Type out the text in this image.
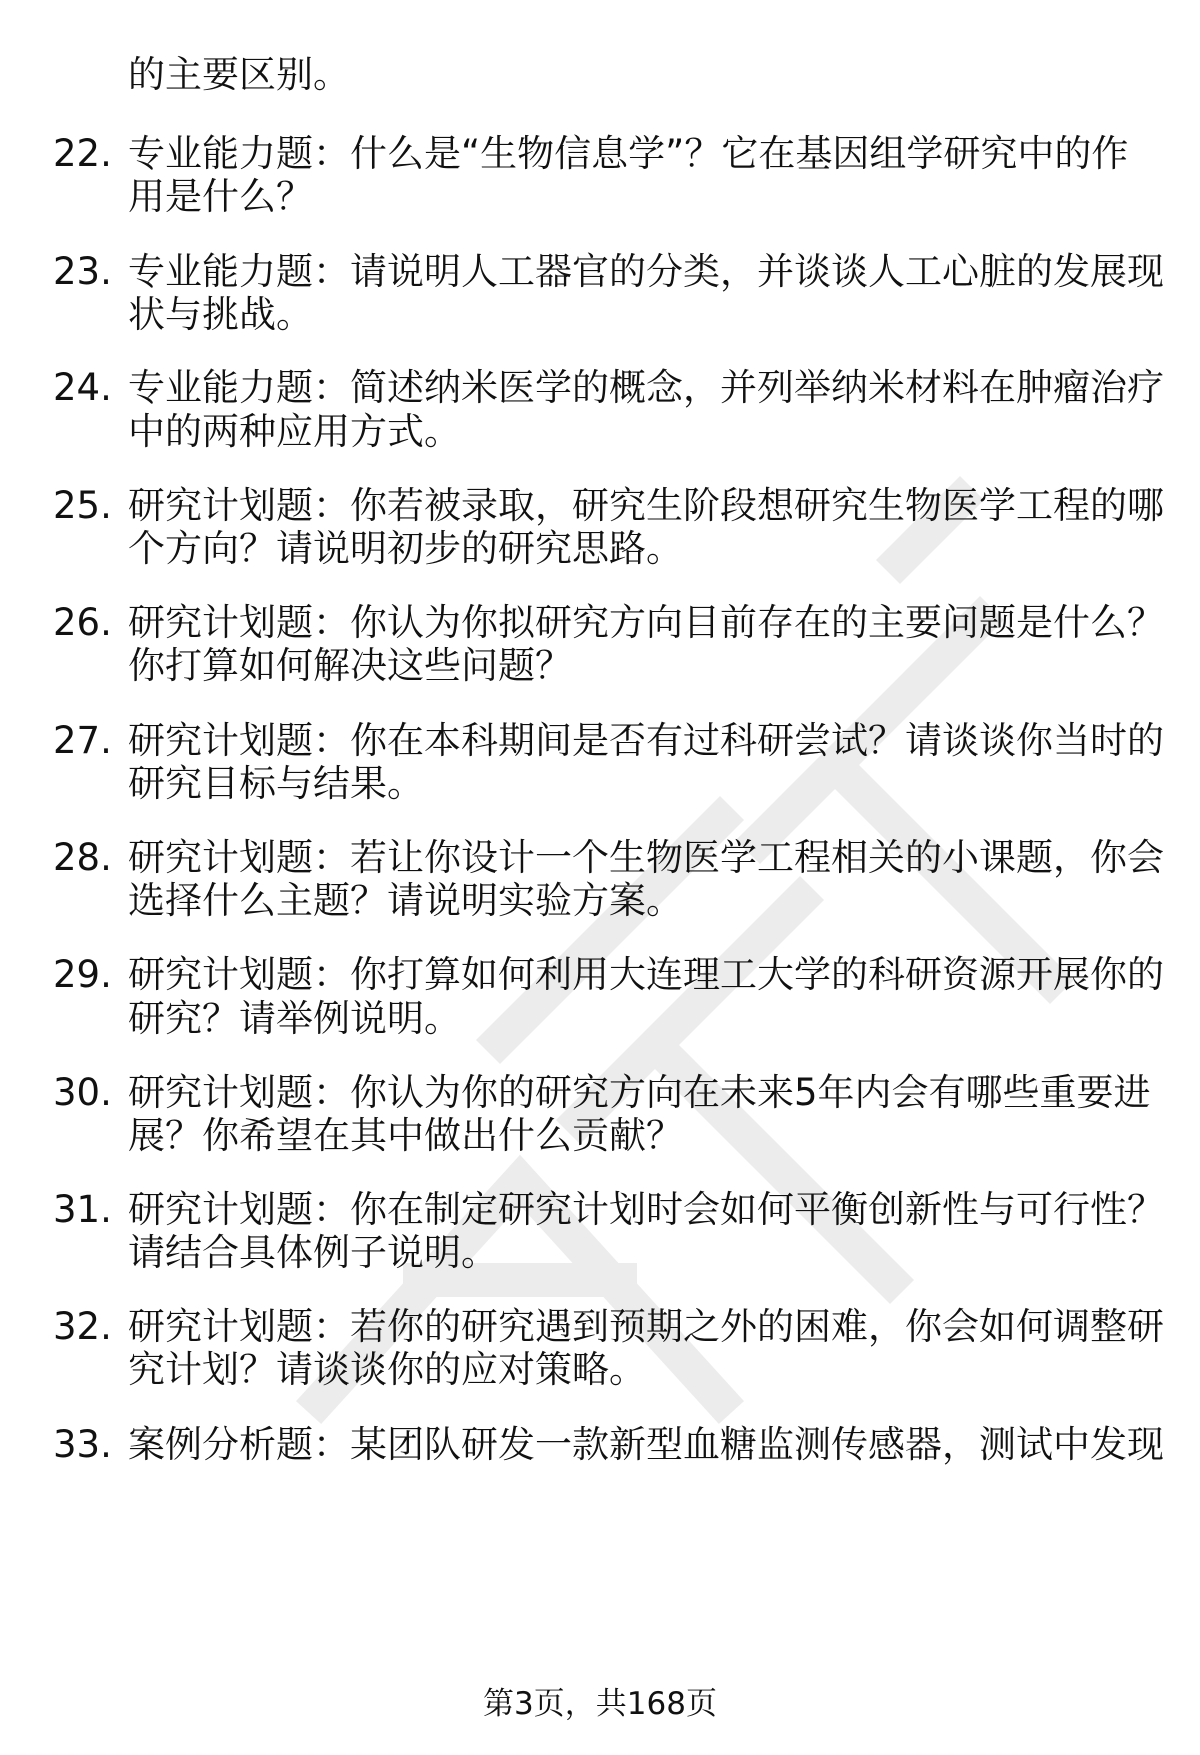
的主要区别。
22. 专业能力题：什么是“生物信息学”？它在基因组学研究中的作
用是什么？
23. 专业能力题：请说明人工器官的分类，并谈谈人工心脏的发展现
状与挑战。
24. 专业能力题：简述纳米医学的概念，并列举纳米材料在肿瘤治疗
中的两种应用方式。
25. 研究计划题：你若被录取，研究生阶段想研究生物医学工程的哪
个方向？请说明初步的研究思路。
26. 研究计划题：你认为你拟研究方向目前存在的主要问题是什么？
你打算如何解决这些问题？
27. 研究计划题：你在本科期间是否有过科研尝试？请谈谈你当时的
研究目标与结果。
28. 研究计划题：若让你设计一个生物医学工程相关的小课题，你会
选择什么主题？请说明实验方案。
29. 研究计划题：你打算如何利用大连理工大学的科研资源开展你的
研究？请举例说明。
30. 研究计划题：你认为你的研究方向在未来5年内会有哪些重要进
展？你希望在其中做出什么贡献？
31. 研究计划题：你在制定研究计划时会如何平衡创新性与可行性？
请结合具体例子说明。
32. 研究计划题：若你的研究遇到预期之外的困难，你会如何调整研
究计划？请谈谈你的应对策略。
33. 案例分析题：某团队研发一款新型血糖监测传感器，测试中发现
第3页，共168页
